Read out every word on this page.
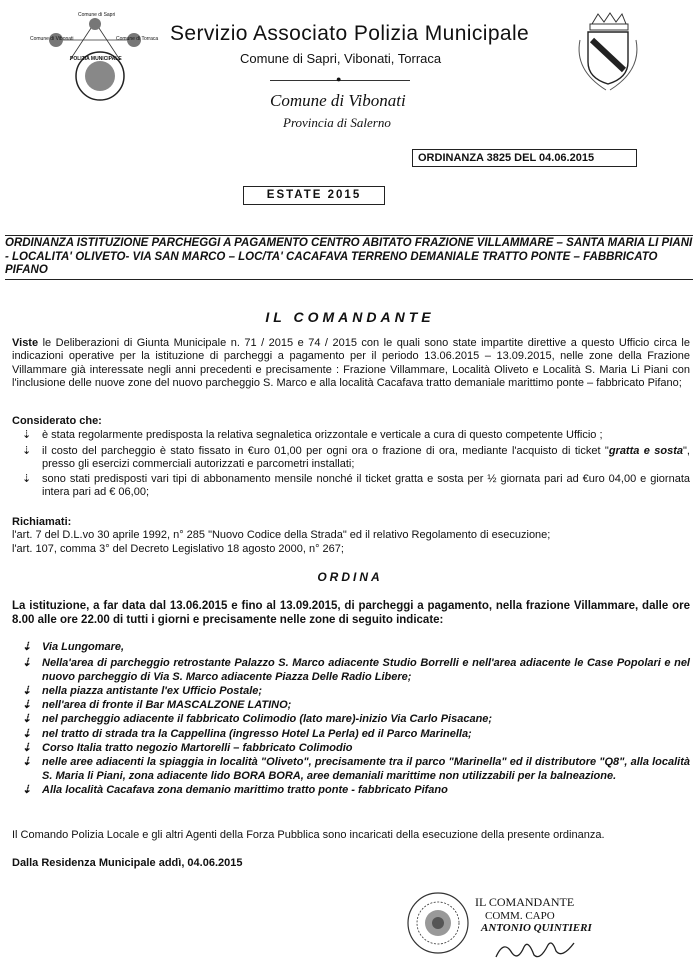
Comune di Sapri
Comune di Vibonati	Comune di Torraca
POLIZIA MUNICIPALE
Servizio Associato Polizia Municipale
Comune di Sapri, Vibonati, Torraca
●
Comune di Vibonati
Provincia di Salerno
ORDINANZA 3825 DEL 04.06.2015
ESTATE 2015
ORDINANZA ISTITUZIONE PARCHEGGI A PAGAMENTO CENTRO ABITATO FRAZIONE VILLAMMARE – SANTA MARIA LI PIANI - LOCALITA' OLIVETO- VIA SAN MARCO – LOC/TA' CACAFAVA TERRENO DEMANIALE TRATTO PONTE – FABBRICATO PIFANO
IL COMANDANTE
Viste le Deliberazioni di Giunta Municipale n. 71 / 2015 e 74 / 2015 con le quali sono state impartite direttive a questo Ufficio circa le indicazioni operative per la istituzione di parcheggi a pagamento per il periodo 13.06.2015 – 13.09.2015, nelle zone della Frazione Villammare già interessate negli anni precedenti e precisamente : Frazione Villammare, Località Oliveto e Località S. Maria Li Piani con l'inclusione delle nuove zone del nuovo parcheggio S. Marco e alla località Cacafava tratto demaniale marittimo ponte – fabbricato Pifano;
Considerato che:
⇣ è stata regolarmente predisposta la relativa segnaletica orizzontale e verticale a cura di questo competente Ufficio ;
⇣ il costo del parcheggio è stato fissato in €uro 01,00 per ogni ora o frazione di ora, mediante l'acquisto di ticket "gratta e sosta", presso gli esercizi commerciali autorizzati e parcometri installati;
⇣ sono stati predisposti vari tipi di abbonamento mensile nonché il ticket gratta e sosta per ½ giornata pari ad €uro 04,00 e giornata intera pari ad € 06,00;
Richiamati:
l'art. 7 del D.L.vo 30 aprile 1992, n° 285 "Nuovo Codice della Strada" ed il relativo Regolamento di esecuzione;
l'art. 107, comma 3° del Decreto Legislativo 18 agosto 2000, n° 267;
ORDINA
La istituzione, a far data dal 13.06.2015 e fino al 13.09.2015, di parcheggi a pagamento, nella frazione Villammare, dalle ore 8.00 alle ore 22.00 di tutti i giorni e precisamente nelle zone di seguito indicate:
⇣ Via Lungomare,
⇣ Nella'area di parcheggio retrostante Palazzo S. Marco adiacente Studio Borrelli e nell'area adiacente le Case Popolari e nel nuovo parcheggio di Via S. Marco adiacente Piazza Delle Radio Libere;
⇣ nella piazza antistante l'ex Ufficio Postale;
⇣ nell'area di fronte il Bar MASCALZONE LATINO;
⇣ nel parcheggio adiacente il fabbricato Colimodio (lato mare)-inizio Via Carlo Pisacane;
⇣ nel tratto di strada tra la Cappellina (ingresso Hotel La Perla) ed il Parco Marinella;
⇣ Corso Italia tratto negozio Martorelli – fabbricato Colimodio
⇣ nelle aree adiacenti la spiaggia in località "Oliveto", precisamente tra il parco "Marinella" ed il distributore "Q8", alla località S. Maria li Piani, zona adiacente lido BORA BORA, aree demaniali marittime non utilizzabili per la balneazione.
⇣ Alla località Cacafava zona demanio marittimo tratto ponte - fabbricato Pifano
Il Comando Polizia Locale e gli altri Agenti della Forza Pubblica sono incaricati della esecuzione della presente ordinanza.
Dalla Residenza Municipale addì, 04.06.2015
IL COMANDANTE
COMM. CAPO
ANTONIO QUINTIERI
